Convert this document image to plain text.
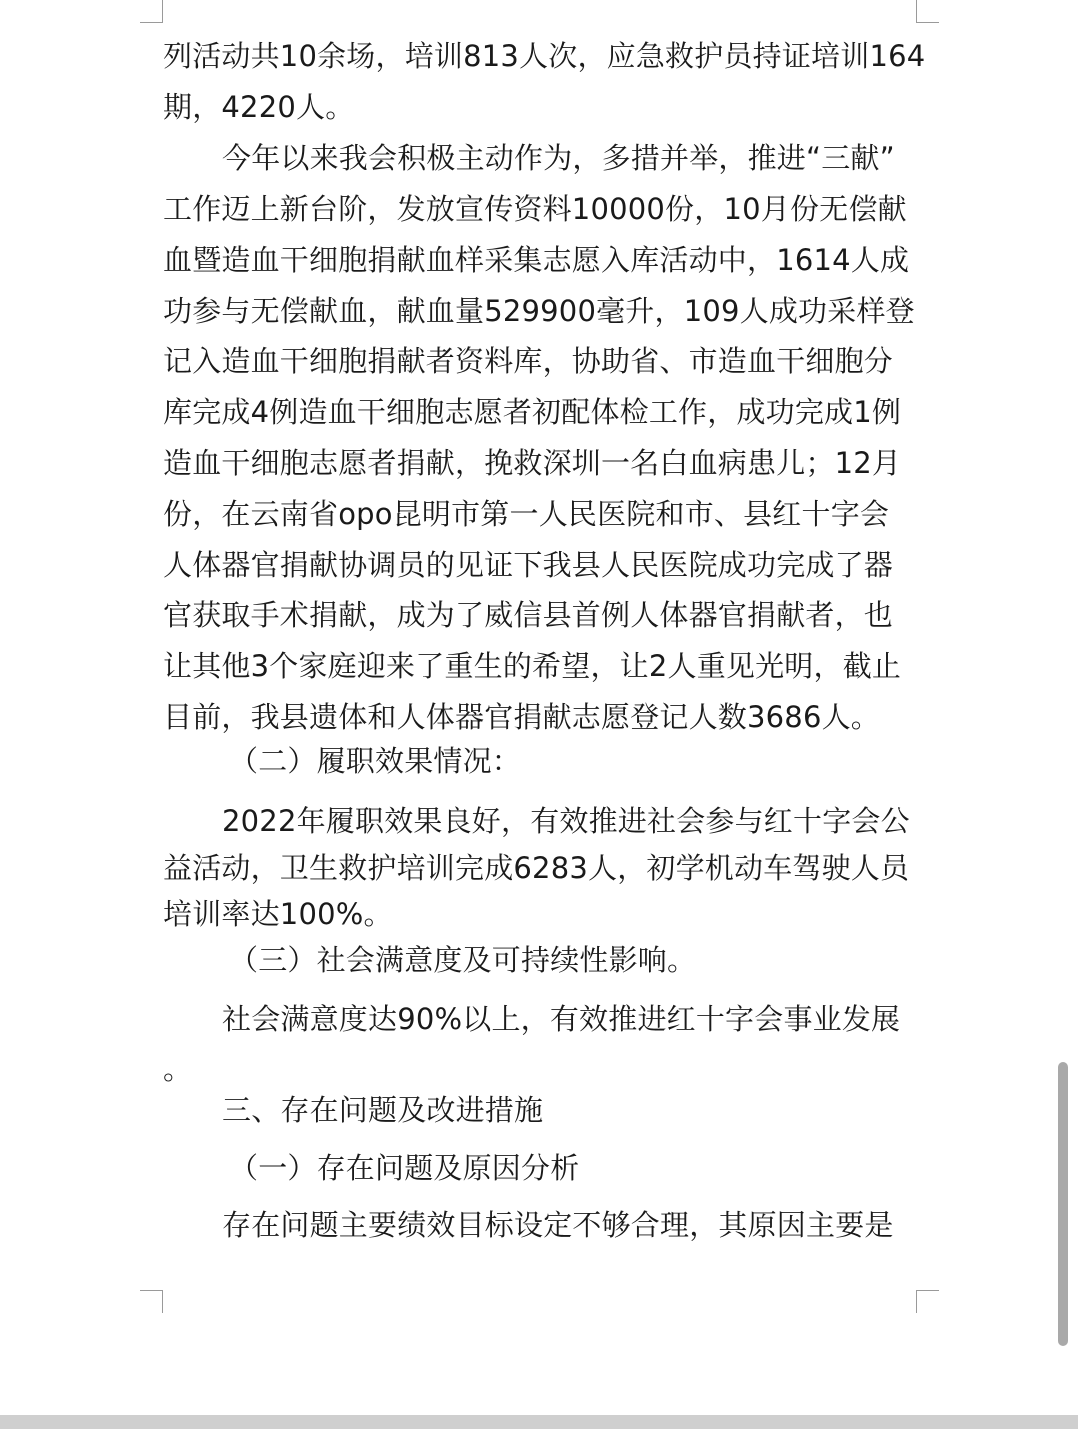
列活动共10余场，培训813人次，应急救护员持证培训164
期，4220人。
今年以来我会积极主动作为，多措并举，推进“三献”
工作迈上新台阶，发放宣传资料10000份，10月份无偿献
血暨造血干细胞捐献血样采集志愿入库活动中，1614人成
功参与无偿献血，献血量529900毫升，109人成功采样登
记入造血干细胞捐献者资料库，协助省、市造血干细胞分
库完成4例造血干细胞志愿者初配体检工作，成功完成1例
造血干细胞志愿者捐献，挽救深圳一名白血病患儿；12月
份，在云南省opo昆明市第一人民医院和市、县红十字会
人体器官捐献协调员的见证下我县人民医院成功完成了器
官获取手术捐献，成为了威信县首例人体器官捐献者，也
让其他3个家庭迎来了重生的希望，让2人重见光明，截止
目前，我县遗体和人体器官捐献志愿登记人数3686人。
（二）履职效果情况：
2022年履职效果良好，有效推进社会参与红十字会公
益活动，卫生救护培训完成6283人，初学机动车驾驶人员
培训率达100%。
（三）社会满意度及可持续性影响。
社会满意度达90%以上，有效推进红十字会事业发展
。
三、存在问题及改进措施
（一）存在问题及原因分析
存在问题主要绩效目标设定不够合理，其原因主要是
